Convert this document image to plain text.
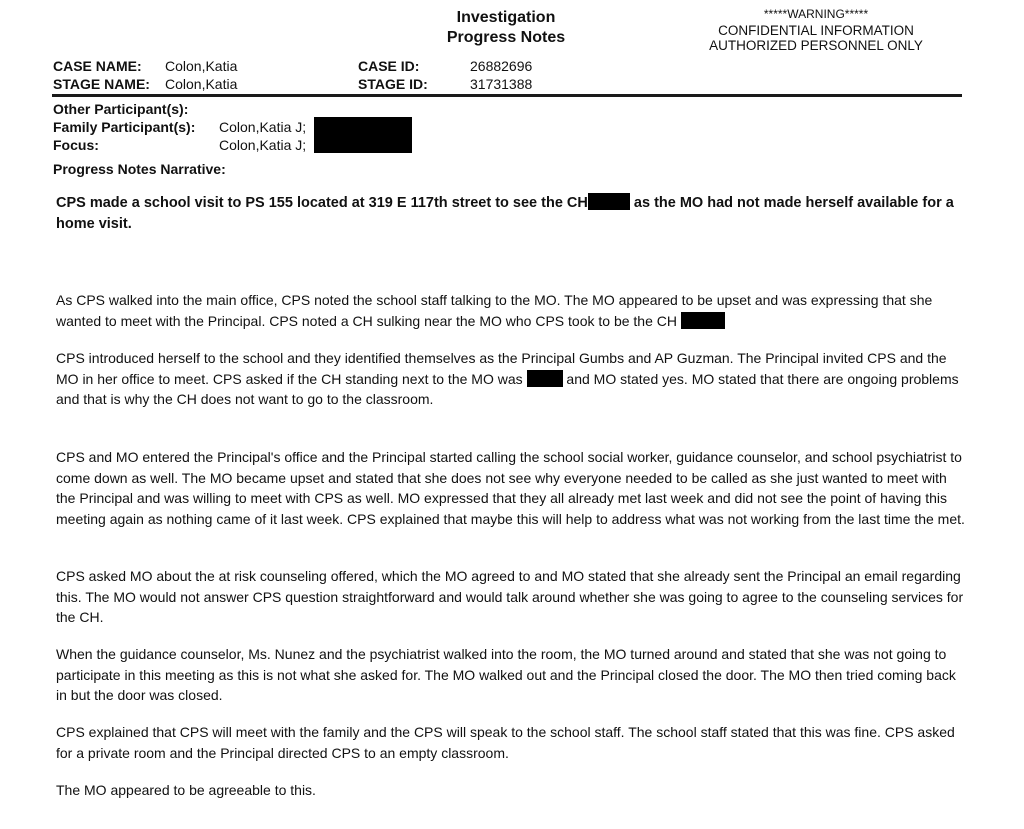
Investigation
Progress Notes
*****WARNING*****
CONFIDENTIAL INFORMATION
AUTHORIZED PERSONNEL ONLY
CASE NAME: Colon,Katia
STAGE NAME: Colon,Katia
CASE ID:	26882696
STAGE ID:	31731388
Other Participant(s):
Family Participant(s): Colon,Katia J;
Focus:	Colon,Katia J;
Progress Notes Narrative:
CPS made a school visit to PS 155 located at 319 E 117th street to see the CH	as the MO had not made herself available for a home visit.
As CPS walked into the main office, CPS noted the school staff talking to the MO. The MO appeared to be upset and was expressing that she wanted to meet with the Principal. CPS noted a CH sulking near the MO who CPS took to be the CH
CPS introduced herself to the school and they identified themselves as the Principal Gumbs and AP Guzman. The Principal invited CPS and the MO in her office to meet. CPS asked if the CH standing next to the MO was	and MO stated yes. MO stated that there are ongoing problems and that is why the CH does not want to go to the classroom.
CPS and MO entered the Principal's office and the Principal started calling the school social worker, guidance counselor, and school psychiatrist to come down as well. The MO became upset and stated that she does not see why everyone needed to be called as she just wanted to meet with the Principal and was willing to meet with CPS as well. MO expressed that they all already met last week and did not see the point of having this meeting again as nothing came of it last week. CPS explained that maybe this will help to address what was not working from the last time the met.
CPS asked MO about the at risk counseling offered, which the MO agreed to and MO stated that she already sent the Principal an email regarding this. The MO would not answer CPS question straightforward and would talk around whether she was going to agree to the counseling services for the CH.
When the guidance counselor, Ms. Nunez and the psychiatrist walked into the room, the MO turned around and stated that she was not going to participate in this meeting as this is not what she asked for. The MO walked out and the Principal closed the door. The MO then tried coming back in but the door was closed.
CPS explained that CPS will meet with the family and the CPS will speak to the school staff. The school staff stated that this was fine. CPS asked for a private room and the Principal directed CPS to an empty classroom.
The MO appeared to be agreeable to this.
